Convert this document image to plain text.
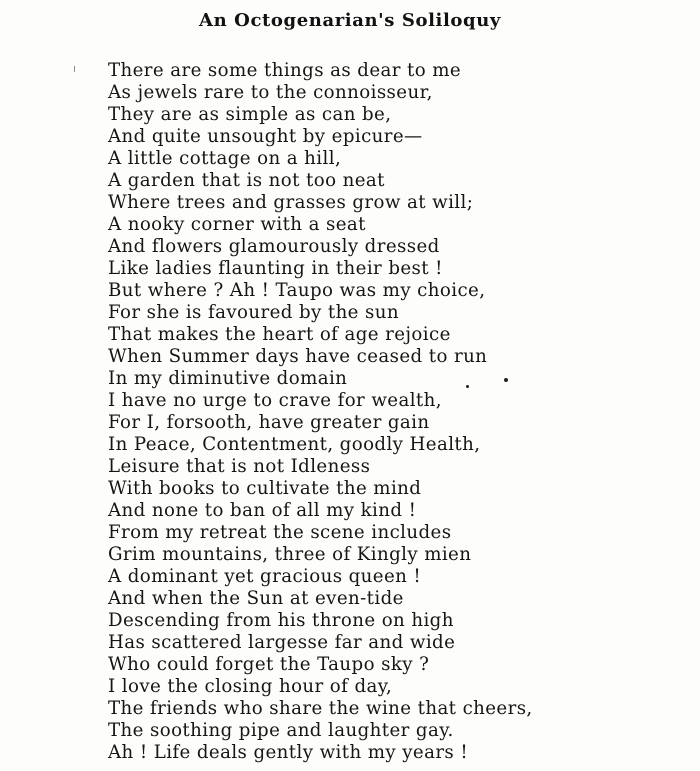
An Octogenarian's Soliloquy
There are some things as dear to me
As jewels rare to the connoisseur,
They are as simple as can be,
And quite unsought by epicure—
A little cottage on a hill,
A garden that is not too neat
Where trees and grasses grow at will;
A nooky corner with a seat
And flowers glamourously dressed
Like ladies flaunting in their best !
But where ? Ah ! Taupo was my choice,
For she is favoured by the sun
That makes the heart of age rejoice
When Summer days have ceased to run
In my diminutive domain
I have no urge to crave for wealth,
For I, forsooth, have greater gain
In Peace, Contentment, goodly Health,
Leisure that is not Idleness
With books to cultivate the mind
And none to ban of all my kind !
From my retreat the scene includes
Grim mountains, three of Kingly mien
A dominant yet gracious queen !
And when the Sun at even-tide
Descending from his throne on high
Has scattered largesse far and wide
Who could forget the Taupo sky ?
I love the closing hour of day,
The friends who share the wine that cheers,
The soothing pipe and laughter gay.
Ah ! Life deals gently with my years !
